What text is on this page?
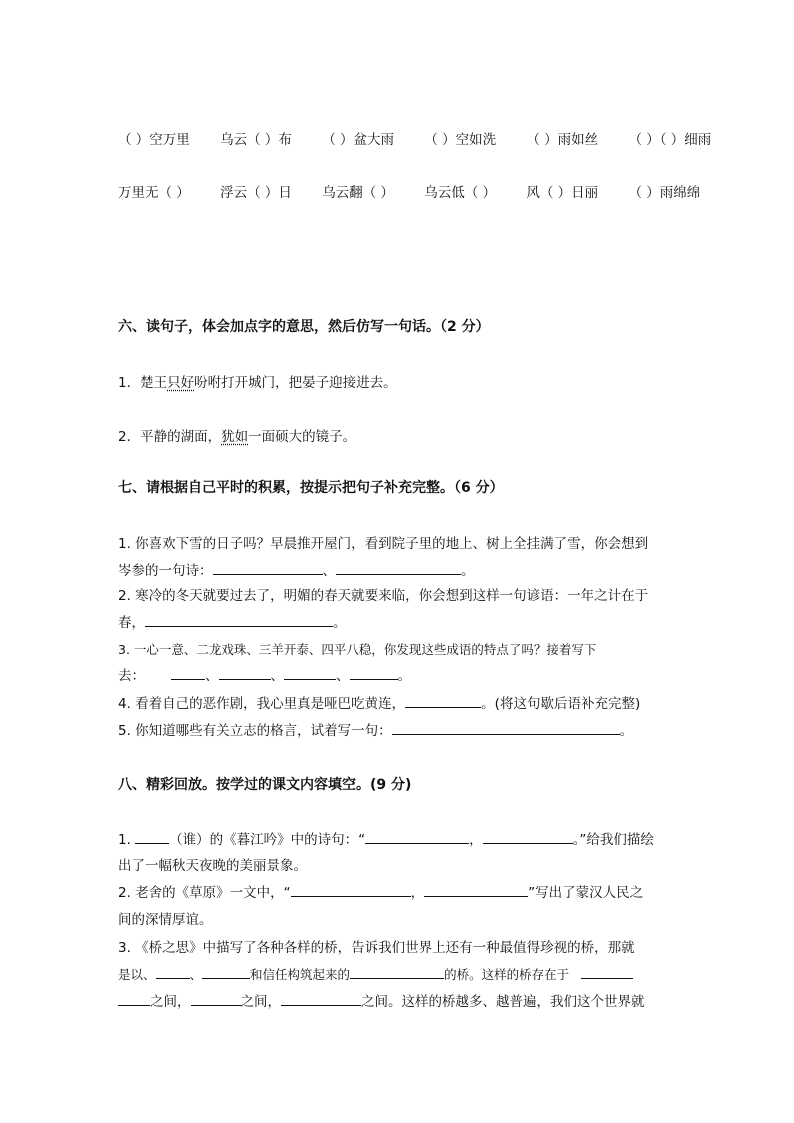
（ ）空万里 乌云（ ）布 （ ）盆大雨 （ ）空如洗 （ ）雨如丝 （ ）（ ）细雨
万里无（ ） 浮云（ ）日 乌云翻（ ） 乌云低（ ） 风（ ）日丽 （ ）雨绵绵
六、读句子，体会加点字的意思，然后仿写一句话。（2 分）
1．楚王只好吩咐打开城门，把晏子迎接进去。
2．平静的湖面，犹如一面硕大的镜子。
七、请根据自己平时的积累，按提示把句子补充完整。（6 分）
1. 你喜欢下雪的日子吗？早晨推开屋门，看到院子里的地上、树上全挂满了雪，你会想到
岑参的一句诗：	、	。
2. 寒冷的冬天就要过去了，明媚的春天就要来临，你会想到这样一句谚语：一年之计在于
春，	。
3. 一心一意、二龙戏珠、三羊开泰、四平八稳，你发现这些成语的特点了吗？接着写下
去：	、	、	、	。
4. 看着自己的恶作剧，我心里真是哑巴吃黄连，	。(将这句歇后语补充完整)
5. 你知道哪些有关立志的格言，试着写一句：	。
八、精彩回放。按学过的课文内容填空。(9 分)
1.	（谁）的《暮江吟》中的诗句：“	，	。”给我们描绘
出了一幅秋天夜晚的美丽景象。
2. 老舍的《草原》一文中，“	，	”写出了蒙汉人民之
间的深情厚谊。
3. 《桥之思》中描写了各种各样的桥，告诉我们世界上还有一种最值得珍视的桥，那就
是以、	、	和信任构筑起来的	的桥。这样的桥存在于
之间，	之间，	之间。这样的桥越多、越普遍，我们这个世界就
